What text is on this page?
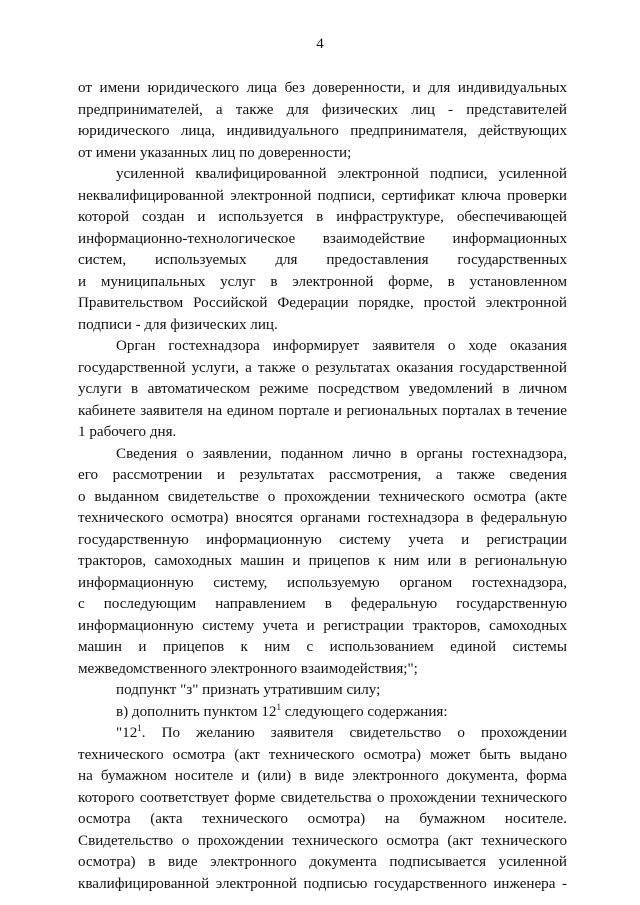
4
от имени юридического лица без доверенности, и для индивидуальных
предпринимателей, а также для физических лиц - представителей
юридического лица, индивидуального предпринимателя, действующих
от имени указанных лиц по доверенности;
усиленной квалифицированной электронной подписи, усиленной
неквалифицированной электронной подписи, сертификат ключа проверки
которой создан и используется в инфраструктуре, обеспечивающей
информационно-технологическое взаимодействие информационных
систем, используемых для предоставления государственных
и муниципальных услуг в электронной форме, в установленном
Правительством Российской Федерации порядке, простой электронной
подписи - для физических лиц.
Орган гостехнадзора информирует заявителя о ходе оказания
государственной услуги, а также о результатах оказания государственной
услуги в автоматическом режиме посредством уведомлений в личном
кабинете заявителя на едином портале и региональных порталах в течение
1 рабочего дня.
Сведения о заявлении, поданном лично в органы гостехнадзора,
его рассмотрении и результатах рассмотрения, а также сведения
о выданном свидетельстве о прохождении технического осмотра (акте
технического осмотра) вносятся органами гостехнадзора в федеральную
государственную информационную систему учета и регистрации
тракторов, самоходных машин и прицепов к ним или в региональную
информационную систему, используемую органом гостехнадзора,
с последующим направлением в федеральную государственную
информационную систему учета и регистрации тракторов, самоходных
машин и прицепов к ним с использованием единой системы
межведомственного электронного взаимодействия;";
подпункт "з" признать утратившим силу;
в) дополнить пунктом $12^1$ следующего содержания:
"$12^1$. По желанию заявителя свидетельство о прохождении
технического осмотра (акт технического осмотра) может быть выдано
на бумажном носителе и (или) в виде электронного документа, форма
которого соответствует форме свидетельства о прохождении технического
осмотра (акта технического осмотра) на бумажном носителе.
Свидетельство о прохождении технического осмотра (акт технического
осмотра) в виде электронного документа подписывается усиленной
квалифицированной электронной подписью государственного инженера -
